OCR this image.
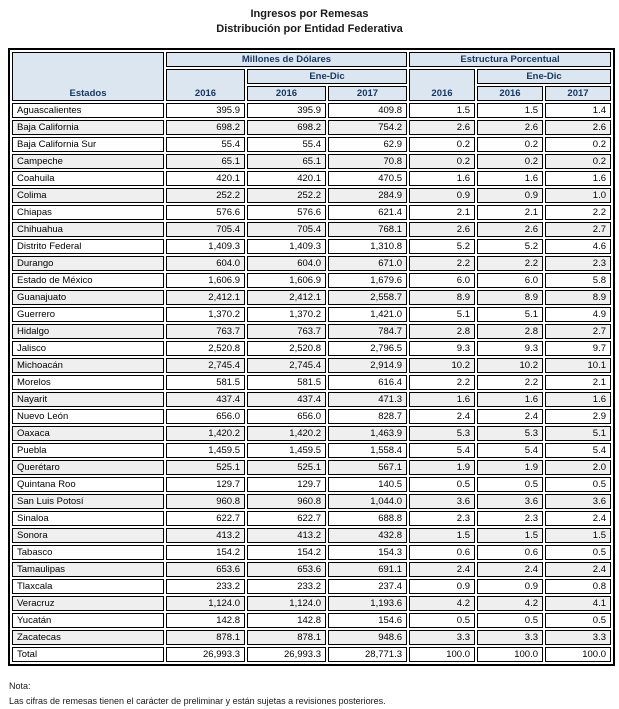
Ingresos por Remesas
Distribución por Entidad Federativa
Estados	Millones de Dólares			Estructura Porcentual		
	2016	Ene-Dic		2016	Ene-Dic	
		2016	2017		2016	2017
Aguascalientes	395.9	395.9	409.8	1.5	1.5	1.4
Baja California	698.2	698.2	754.2	2.6	2.6	2.6
Baja California Sur	55.4	55.4	62.9	0.2	0.2	0.2
Campeche	65.1	65.1	70.8	0.2	0.2	0.2
Coahuila	420.1	420.1	470.5	1.6	1.6	1.6
Colima	252.2	252.2	284.9	0.9	0.9	1.0
Chiapas	576.6	576.6	621.4	2.1	2.1	2.2
Chihuahua	705.4	705.4	768.1	2.6	2.6	2.7
Distrito Federal	1,409.3	1,409.3	1,310.8	5.2	5.2	4.6
Durango	604.0	604.0	671.0	2.2	2.2	2.3
Estado de México	1,606.9	1,606.9	1,679.6	6.0	6.0	5.8
Guanajuato	2,412.1	2,412.1	2,558.7	8.9	8.9	8.9
Guerrero	1,370.2	1,370.2	1,421.0	5.1	5.1	4.9
Hidalgo	763.7	763.7	784.7	2.8	2.8	2.7
Jalisco	2,520.8	2,520.8	2,796.5	9.3	9.3	9.7
Michoacán	2,745.4	2,745.4	2,914.9	10.2	10.2	10.1
Morelos	581.5	581.5	616.4	2.2	2.2	2.1
Nayarit	437.4	437.4	471.3	1.6	1.6	1.6
Nuevo León	656.0	656.0	828.7	2.4	2.4	2.9
Oaxaca	1,420.2	1,420.2	1,463.9	5.3	5.3	5.1
Puebla	1,459.5	1,459.5	1,558.4	5.4	5.4	5.4
Querétaro	525.1	525.1	567.1	1.9	1.9	2.0
Quintana Roo	129.7	129.7	140.5	0.5	0.5	0.5
San Luis Potosí	960.8	960.8	1,044.0	3.6	3.6	3.6
Sinaloa	622.7	622.7	688.8	2.3	2.3	2.4
Sonora	413.2	413.2	432.8	1.5	1.5	1.5
Tabasco	154.2	154.2	154.3	0.6	0.6	0.5
Tamaulipas	653.6	653.6	691.1	2.4	2.4	2.4
Tlaxcala	233.2	233.2	237.4	0.9	0.9	0.8
Veracruz	1,124.0	1,124.0	1,193.6	4.2	4.2	4.1
Yucatán	142.8	142.8	154.6	0.5	0.5	0.5
Zacatecas	878.1	878.1	948.6	3.3	3.3	3.3
Total	26,993.3	26,993.3	28,771.3	100.0	100.0	100.0
Nota:
Las cifras de remesas tienen el carácter de preliminar y están sujetas a revisiones posteriores.
